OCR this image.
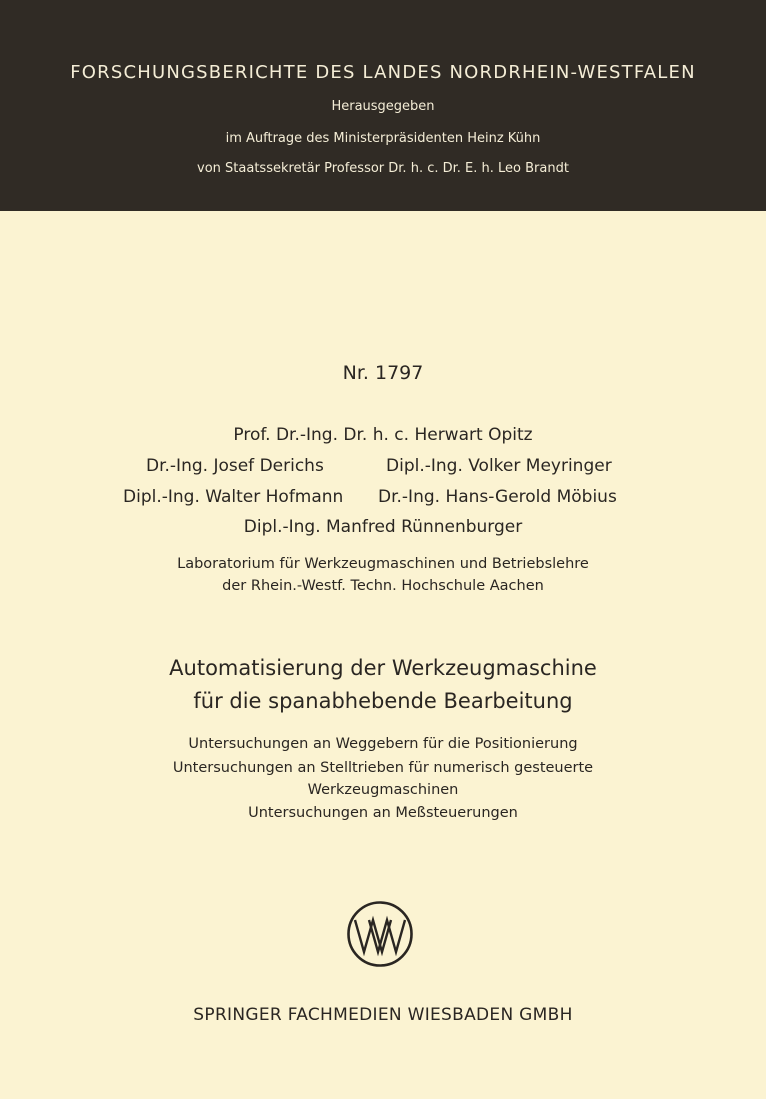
FORSCHUNGSBERICHTE DES LANDES NORDRHEIN-WESTFALEN
Herausgegeben
im Auftrage des Ministerpräsidenten Heinz Kühn
von Staatssekretär Professor Dr. h. c. Dr. E. h. Leo Brandt
Nr. 1797
Prof. Dr.-Ing. Dr. h. c. Herwart Opitz
Dr.-Ing. Josef Derichs	Dipl.-Ing. Volker Meyringer
Dipl.-Ing. Walter Hofmann Dr.-Ing. Hans-Gerold Möbius
Dipl.-Ing. Manfred Rünnenburger
Laboratorium für Werkzeugmaschinen und Betriebslehre
der Rhein.-Westf. Techn. Hochschule Aachen
Automatisierung der Werkzeugmaschine
für die spanabhebende Bearbeitung
Untersuchungen an Weggebern für die Positionierung
Untersuchungen an Stelltrieben für numerisch gesteuerte
Werkzeugmaschinen
Untersuchungen an Meßsteuerungen
SPRINGER FACHMEDIEN WIESBADEN GMBH
